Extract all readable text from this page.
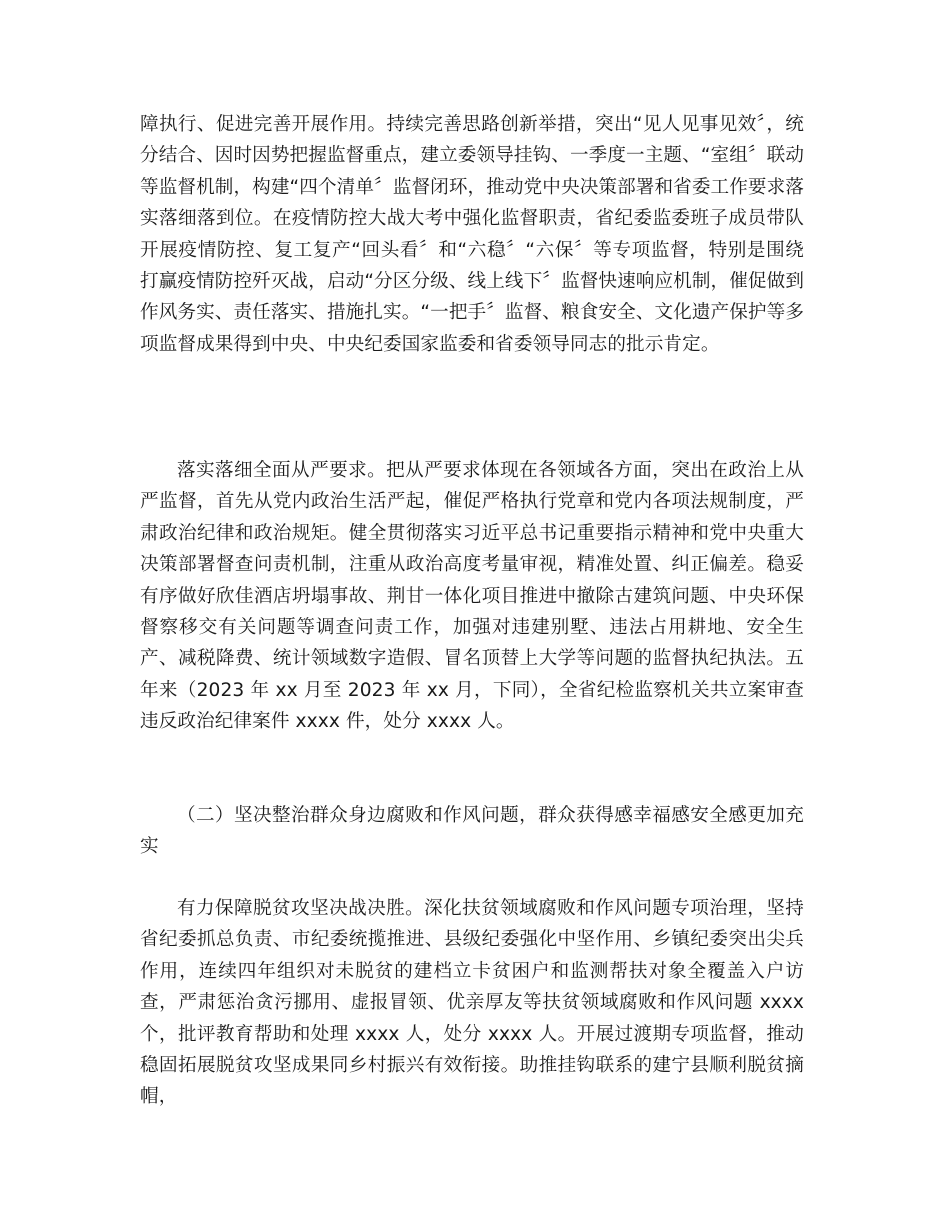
障执行、促进完善开展作用。持续完善思路创新举措，突出“见人见事见效〞，统分结合、因时因势把握监督重点，建立委领导挂钩、一季度一主题、“室组〞联动等监督机制，构建“四个清单〞监督闭环，推动党中央决策部署和省委工作要求落实落细落到位。在疫情防控大战大考中强化监督职责，省纪委监委班子成员带队开展疫情防控、复工复产“回头看〞和“六稳〞“六保〞等专项监督，特别是围绕打赢疫情防控歼灭战，启动“分区分级、线上线下〞监督快速响应机制，催促做到作风务实、责任落实、措施扎实。“一把手〞监督、粮食安全、文化遗产保护等多项监督成果得到中央、中央纪委国家监委和省委领导同志的批示肯定。

落实落细全面从严要求。把从严要求体现在各领域各方面，突出在政治上从严监督，首先从党内政治生活严起，催促严格执行党章和党内各项法规制度，严肃政治纪律和政治规矩。健全贯彻落实习近平总书记重要指示精神和党中央重大决策部署督查问责机制，注重从政治高度考量审视，精准处置、纠正偏差。稳妥有序做好欣佳酒店坍塌事故、荆甘一体化项目推进中撤除古建筑问题、中央环保督察移交有关问题等调查问责工作，加强对违建别墅、违法占用耕地、安全生产、减税降费、统计领域数字造假、冒名顶替上大学等问题的监督执纪执法。五年来（2023 年 xx 月至 2023 年 xx 月，下同），全省纪检监察机关共立案审查违反政治纪律案件 xxxx 件，处分 xxxx 人。

（二）坚决整治群众身边腐败和作风问题，群众获得感幸福感安全感更加充实

有力保障脱贫攻坚决战决胜。深化扶贫领域腐败和作风问题专项治理，坚持省纪委抓总负责、市纪委统揽推进、县级纪委强化中坚作用、乡镇纪委突出尖兵作用，连续四年组织对未脱贫的建档立卡贫困户和监测帮扶对象全覆盖入户访查，严肃惩治贪污挪用、虚报冒领、优亲厚友等扶贫领域腐败和作风问题 xxxx 个，批评教育帮助和处理 xxxx 人，处分 xxxx 人。开展过渡期专项监督，推动稳固拓展脱贫攻坚成果同乡村振兴有效衔接。助推挂钩联系的建宁县顺利脱贫摘帽，
